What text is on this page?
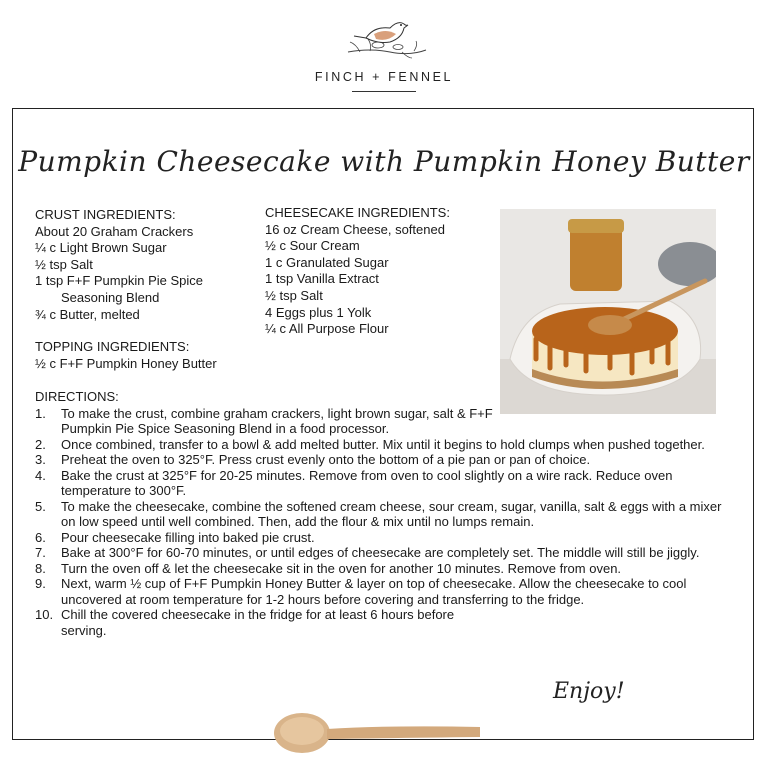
FINCH + FENNEL
Pumpkin Cheesecake with Pumpkin Honey Butter
CRUST INGREDIENTS:
About 20 Graham Crackers
¼ c Light Brown Sugar
½ tsp Salt
1 tsp F+F Pumpkin Pie Spice
Seasoning Blend
¾ c Butter, melted
TOPPING INGREDIENTS:
½ c F+F Pumpkin Honey Butter
CHEESECAKE INGREDIENTS:
16 oz Cream Cheese, softened
½ c Sour Cream
1 c Granulated Sugar
1 tsp Vanilla Extract
½ tsp Salt
4 Eggs plus 1 Yolk
¼ c All Purpose Flour
DIRECTIONS:
1.	To make the crust, combine graham crackers, light brown sugar, salt & F+F Pumpkin Pie Spice Seasoning Blend in a food processor.
2.	Once combined, transfer to a bowl & add melted butter. Mix until it begins to hold clumps when pushed together.
3.	Preheat the oven to 325°F. Press crust evenly onto the bottom of a pie pan or pan of choice.
4.	Bake the crust at 325°F for 20-25 minutes. Remove from oven to cool slightly on a wire rack. Reduce oven temperature to 300°F.
5.	To make the cheesecake, combine the softened cream cheese, sour cream, sugar, vanilla, salt & eggs with a mixer on low speed until well combined. Then, add the flour & mix until no lumps remain.
6.	Pour cheesecake filling into baked pie crust.
7.	Bake at 300°F for 60-70 minutes, or until edges of cheesecake are completely set. The middle will still be jiggly.
8.	Turn the oven off & let the cheesecake sit in the oven for another 10 minutes. Remove from oven.
9.	Next, warm ½ cup of F+F Pumpkin Honey Butter & layer on top of cheesecake. Allow the cheesecake to cool uncovered at room temperature for 1-2 hours before covering and transferring to the fridge.
10. Chill the covered cheesecake in the fridge for at least 6 hours before serving.
Enjoy!
